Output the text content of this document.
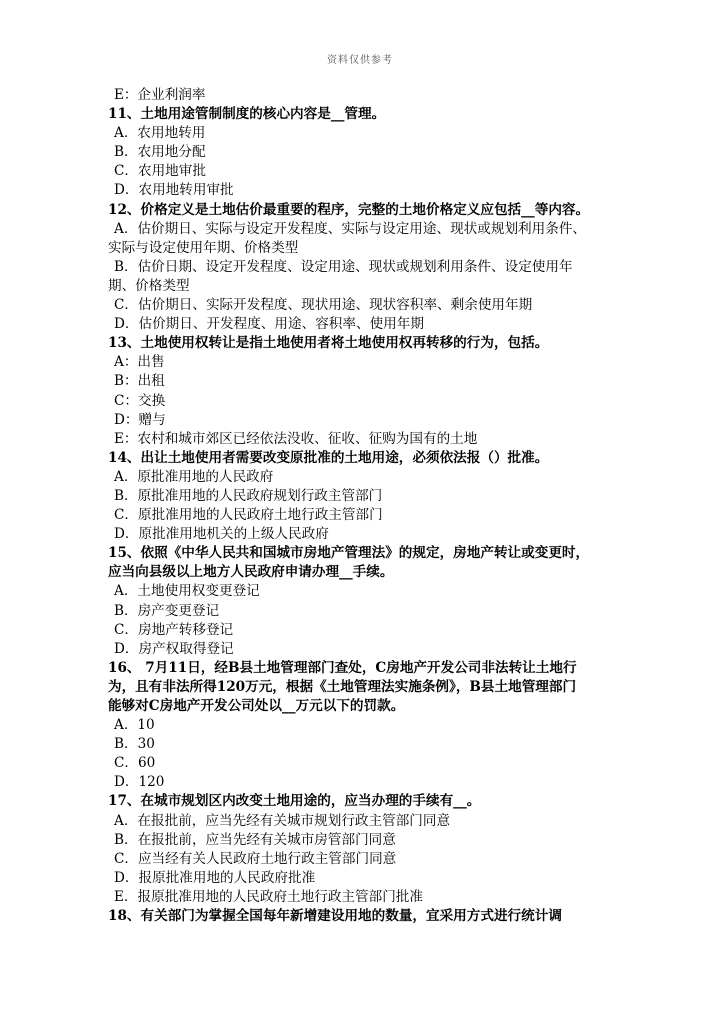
资料仅供参考
E：企业利润率
11、土地用途管制制度的核心内容是__管理。
A．农用地转用
B．农用地分配
C．农用地审批
D．农用地转用审批
12、价格定义是土地估价最重要的程序，完整的土地价格定义应包括__等内容。
A．估价期日、实际与设定开发程度、实际与设定用途、现状或规划利用条件、
实际与设定使用年期、价格类型
B．估价日期、设定开发程度、设定用途、现状或规划利用条件、设定使用年
期、价格类型
C．估价期日、实际开发程度、现状用途、现状容积率、剩余使用年期
D．估价期日、开发程度、用途、容积率、使用年期
13、土地使用权转让是指土地使用者将土地使用权再转移的行为，包括。
A：出售
B：出租
C：交换
D：赠与
E：农村和城市郊区已经依法没收、征收、征购为国有的土地
14、出让土地使用者需要改变原批准的土地用途，必须依法报（）批准。
A．原批准用地的人民政府
B．原批准用地的人民政府规划行政主管部门
C．原批准用地的人民政府土地行政主管部门
D．原批准用地机关的上级人民政府
15、依照《中华人民共和国城市房地产管理法》的规定，房地产转让或变更时，
应当向县级以上地方人民政府申请办理__手续。
A．土地使用权变更登记
B．房产变更登记
C．房地产转移登记
D．房产权取得登记
16、 7月11日，经B县土地管理部门查处，C房地产开发公司非法转让土地行
为，且有非法所得120万元，根据《土地管理法实施条例》，B县土地管理部门
能够对C房地产开发公司处以__万元以下的罚款。
A．10
B．30
C．60
D．120
17、在城市规划区内改变土地用途的，应当办理的手续有__。
A．在报批前，应当先经有关城市规划行政主管部门同意
B．在报批前，应当先经有关城市房管部门同意
C．应当经有关人民政府土地行政主管部门同意
D．报原批准用地的人民政府批准
E．报原批准用地的人民政府土地行政主管部门批准
18、有关部门为掌握全国每年新增建设用地的数量，宜采用方式进行统计调
